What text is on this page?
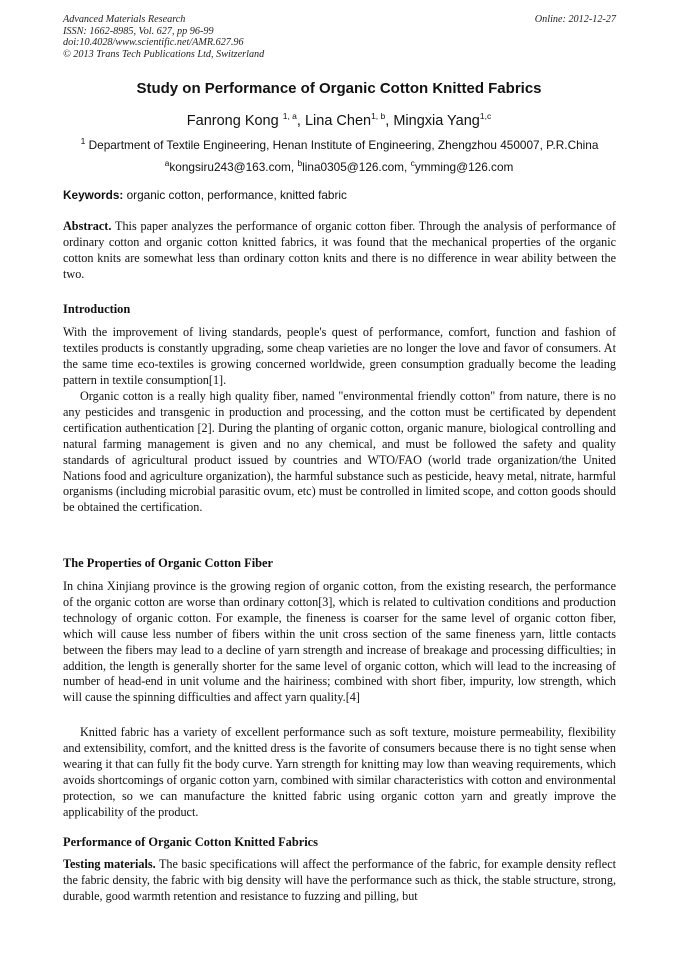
Advanced Materials Research
ISSN: 1662-8985, Vol. 627, pp 96-99
doi:10.4028/www.scientific.net/AMR.627.96
© 2013 Trans Tech Publications Ltd, Switzerland
Online: 2012-12-27
Study on Performance of Organic Cotton Knitted Fabrics
Fanrong Kong $^{1, a}$, Lina Chen$^{1, b}$, Mingxia Yang$^{1,c}$
$^1$ Department of Textile Engineering, Henan Institute of Engineering, Zhengzhou 450007, P.R.China
$^a$kongsiru243@163.com, $^b$lina0305@126.com, $^c$ymming@126.com
Keywords: organic cotton, performance, knitted fabric

Abstract. This paper analyzes the performance of organic cotton fiber. Through the analysis of performance of ordinary cotton and organic cotton knitted fabrics, it was found that the mechanical properties of the organic cotton knits are somewhat less than ordinary cotton knits and there is no difference in wear ability between the two.

Introduction

With the improvement of living standards, people's quest of performance, comfort, function and fashion of textiles products is constantly upgrading, some cheap varieties are no longer the love and favor of consumers. At the same time eco-textiles is growing concerned worldwide, green consumption gradually become the leading pattern in textile consumption[1].

Organic cotton is a really high quality fiber, named "environmental friendly cotton" from nature, there is no any pesticides and transgenic in production and processing, and the cotton must be certificated by dependent certification authentication [2]. During the planting of organic cotton, organic manure, biological controlling and natural farming management is given and no any chemical, and must be followed the safety and quality standards of agricultural product issued by countries and WTO/FAO (world trade organization/the United Nations food and agriculture organization), the harmful substance such as pesticide, heavy metal, nitrate, harmful organisms (including microbial parasitic ovum, etc) must be controlled in limited scope, and cotton goods should be obtained the certification.

The Properties of Organic Cotton Fiber

In china Xinjiang province is the growing region of organic cotton, from the existing research, the performance of the organic cotton are worse than ordinary cotton[3], which is related to cultivation conditions and production technology of organic cotton. For example, the fineness is coarser for the same level of organic cotton fiber, which will cause less number of fibers within the unit cross section of the same fineness yarn, little contacts between the fibers may lead to a decline of yarn strength and increase of breakage and processing difficulties; in addition, the length is generally shorter for the same level of organic cotton, which will lead to the increasing of number of head-end in unit volume and the hairiness; combined with short fiber, impurity, low strength, which will cause the spinning difficulties and affect yarn quality.[4]

Knitted fabric has a variety of excellent performance such as soft texture, moisture permeability, flexibility and extensibility, comfort, and the knitted dress is the favorite of consumers because there is no tight sense when wearing it that can fully fit the body curve. Yarn strength for knitting may low than weaving requirements, which avoids shortcomings of organic cotton yarn, combined with similar characteristics with cotton and environmental protection, so we can manufacture the knitted fabric using organic cotton yarn and greatly improve the applicability of the product.

Performance of Organic Cotton Knitted Fabrics

Testing materials. The basic specifications will affect the performance of the fabric, for example density reflect the fabric density, the fabric with big density will have the performance such as thick, the stable structure, strong, durable, good warmth retention and resistance to fuzzing and pilling, but
